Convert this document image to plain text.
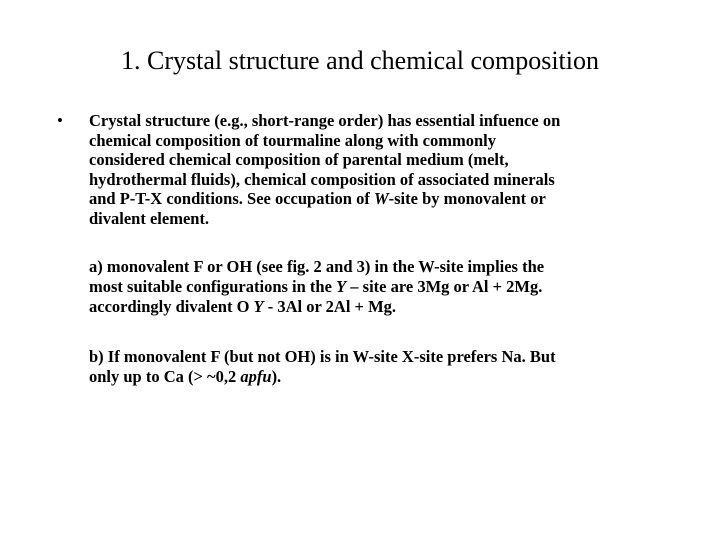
1. Crystal structure and chemical composition
• Crystal structure (e.g., short-range order) has essential infuence on
chemical composition of tourmaline along with commonly
considered chemical composition of parental medium (melt,
hydrothermal fluids), chemical composition of associated minerals
and P-T-X conditions. See occupation of W-site by monovalent or
divalent element.
a) monovalent F or OH (see fig. 2 and 3) in the W-site implies the
most suitable configurations in the Y – site are 3Mg or Al + 2Mg.
accordingly divalent O Y - 3Al or 2Al + Mg.
b) If monovalent F (but not OH) is in W-site X-site prefers Na. But
only up to Ca (> ~0,2 apfu).
